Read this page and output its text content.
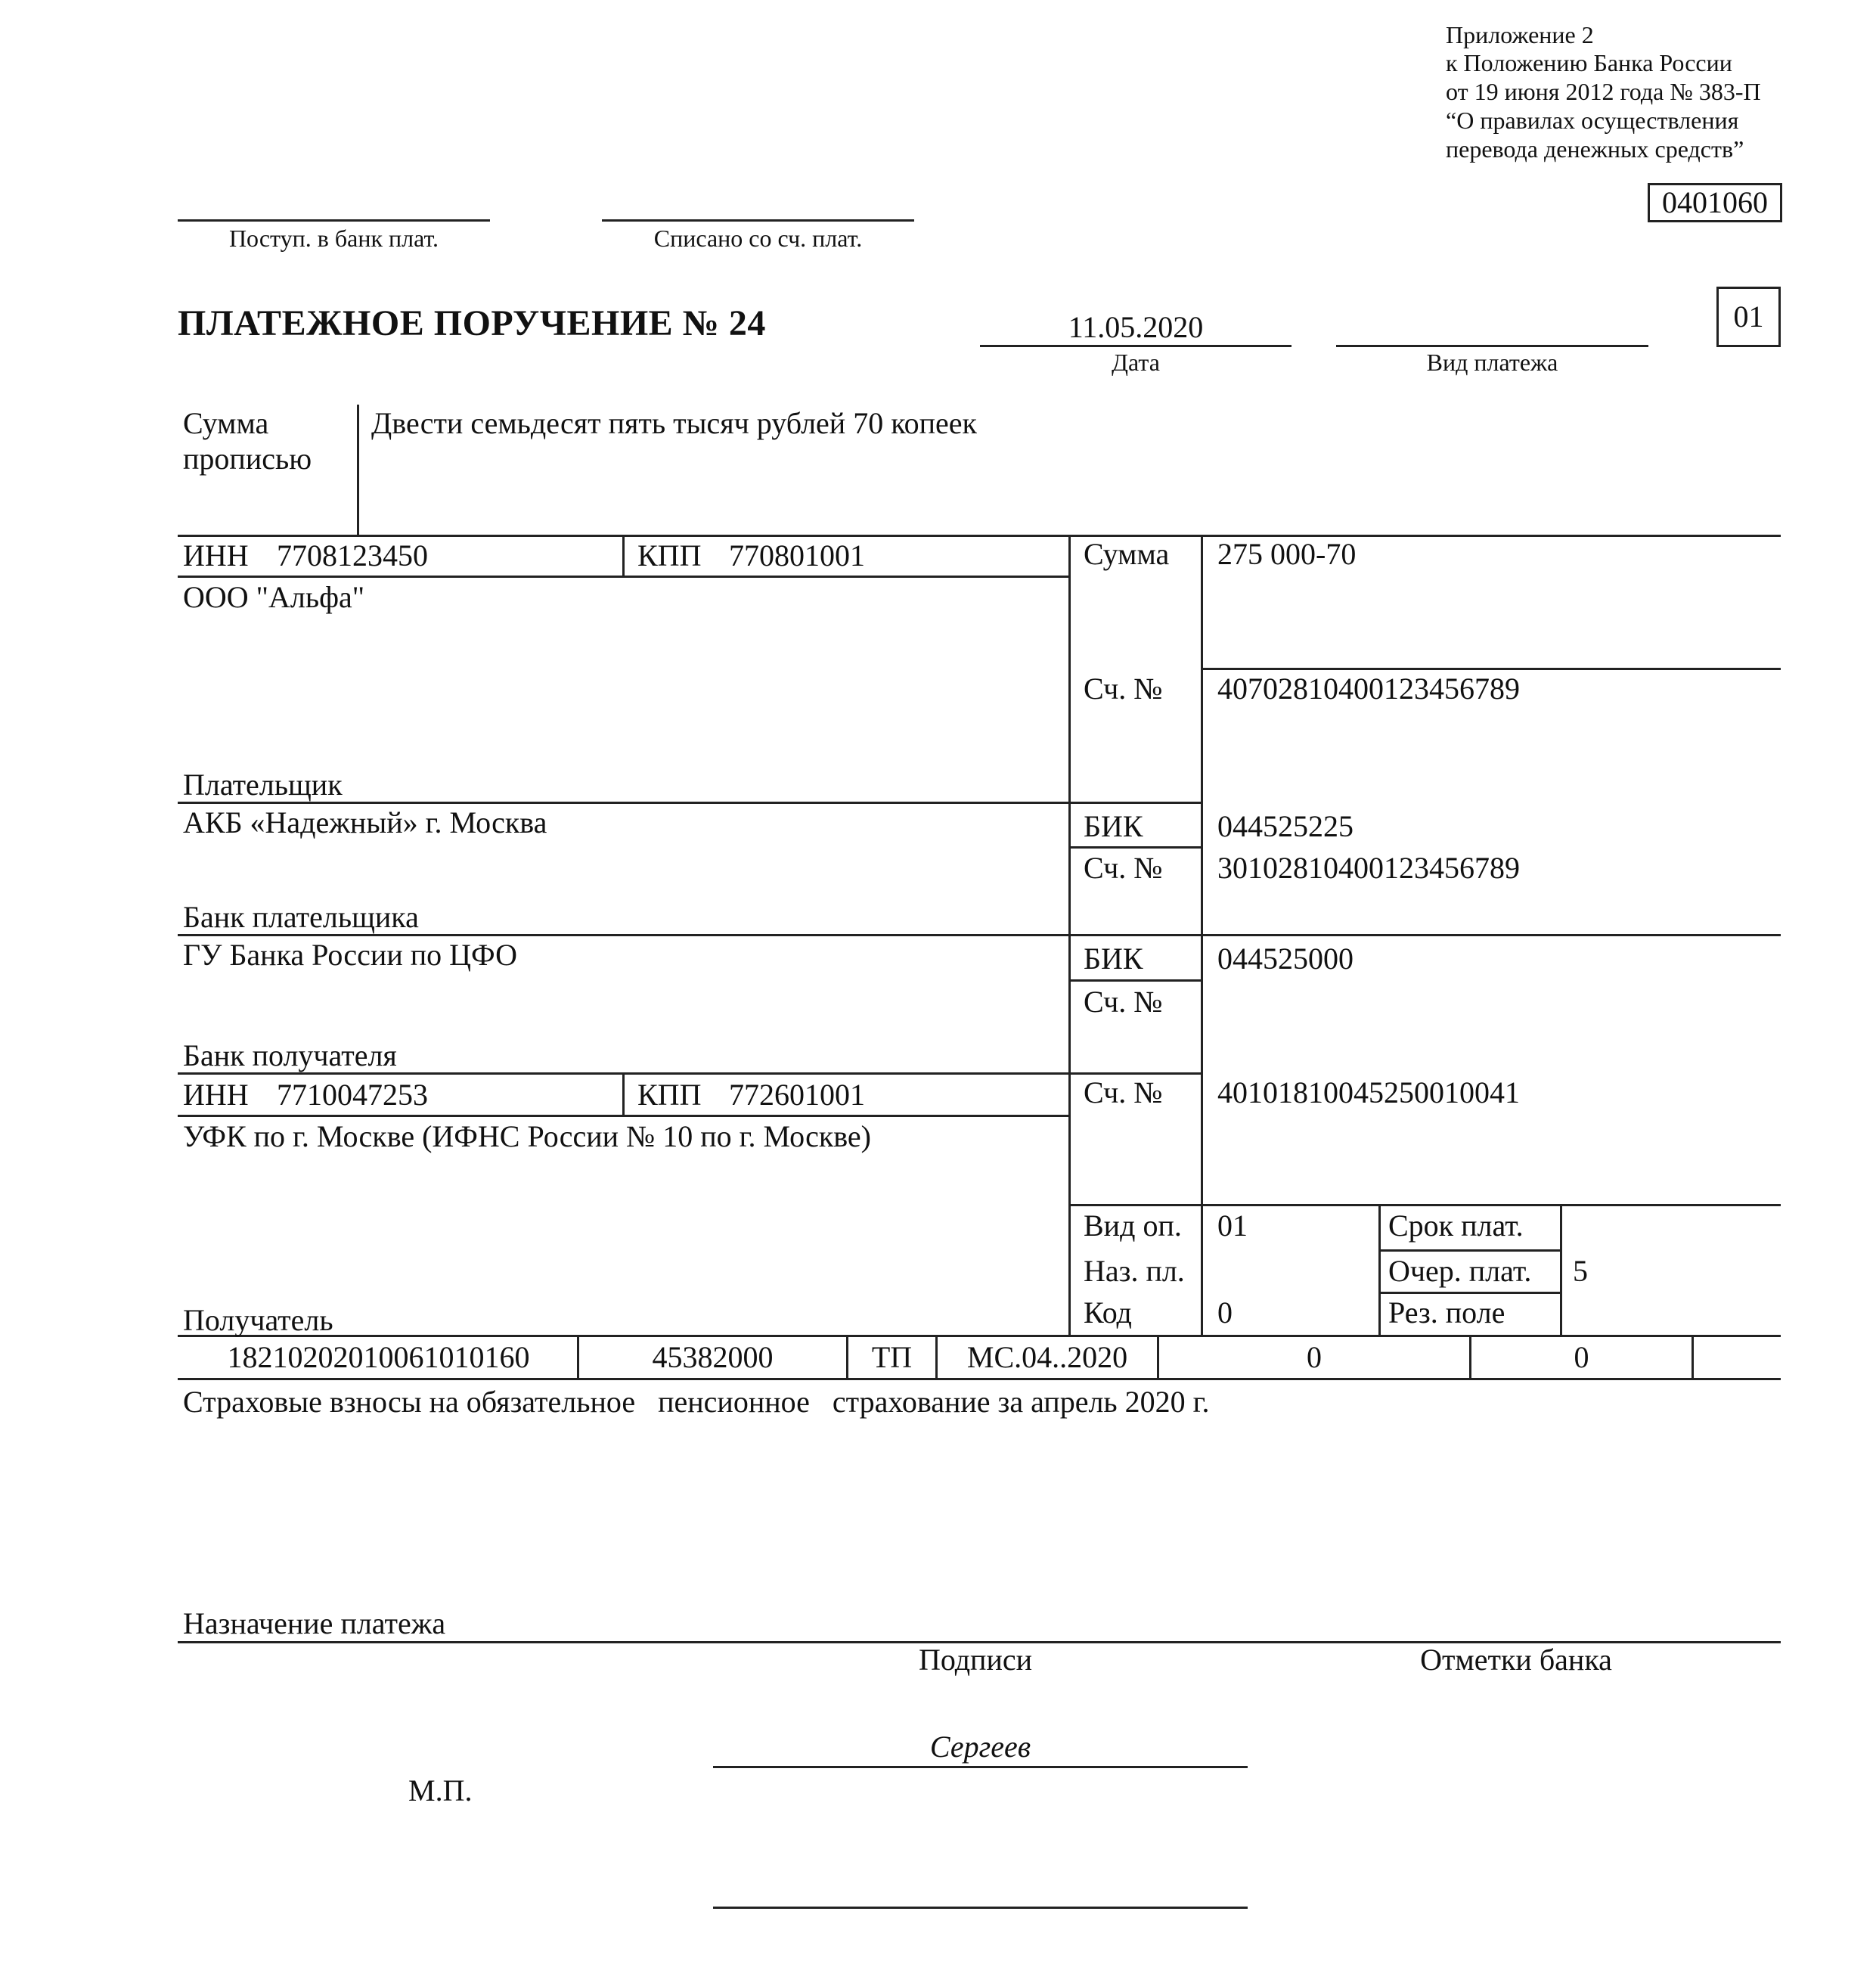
Приложение 2
к Положению Банка России
от 19 июня 2012 года № 383-П
“О правилах осуществления
перевода денежных средств”
0401060
Поступ. в банк плат.	Списано со сч. плат.
ПЛАТЕЖНОЕ ПОРУЧЕНИЕ № 24	11.05.2020
Дата	Вид платежа
01
Сумма
прописью
Двести семьдесят пять тысяч рублей 70 копеек
ИНН 7708123450	КПП 770801001
ООО "Альфа"
Плательщик
Сумма 275 000-70
Сч. № 40702810400123456789
АКБ «Надежный» г. Москва
Банк плательщика
БИК 044525225
Сч. № 30102810400123456789
ГУ Банка России по ЦФО
Банк получателя
БИК 044525000
Сч. №
ИНН 7710047253	КПП 772601001
УФК по г. Москве (ИФНС России № 10 по г. Москве)
Получатель
Сч. № 40101810045250010041
Вид оп. 01
Наз. пл.
Код	0
Срок плат.
Очер. плат. 5
Рез. поле
18210202010061010160	45382000	ТП	МС.04..2020	0	0
Страховые взносы на обязательное   пенсионное   страхование за апрель 2020 г.
Назначение платежа
Подписи	Отметки банка
Сергеев
М.П.
